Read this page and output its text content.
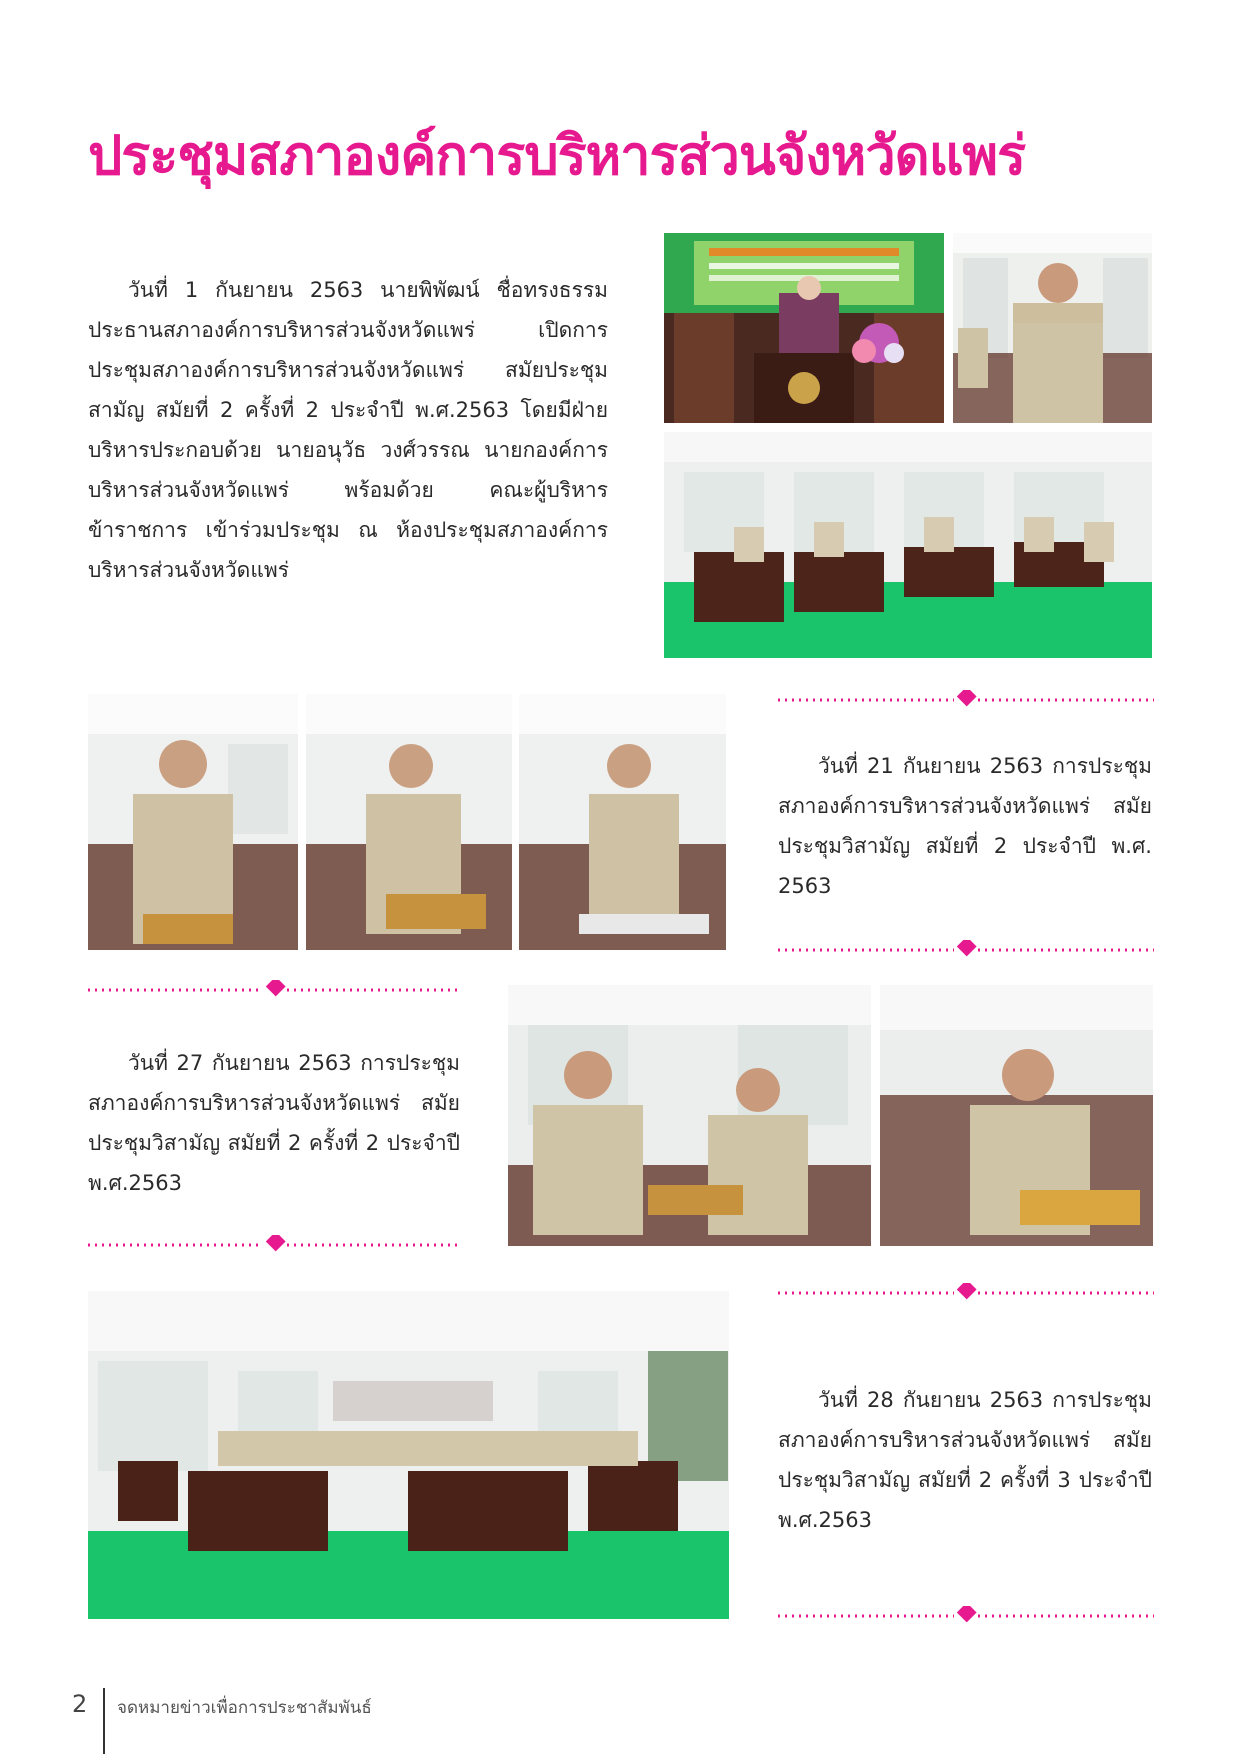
ประชุมสภาองค์การบริหารส่วนจังหวัดแพร่
วันที่ 1 กันยายน 2563 นายพิพัฒน์ ชื่อทรงธรรม ประธานสภาองค์การบริหารส่วนจังหวัดแพร่ เปิดการประชุมสภาองค์การบริหารส่วนจังหวัดแพร่ สมัยประชุมสามัญ สมัยที่ 2 ครั้งที่ 2 ประจำปี พ.ศ.2563 โดยมีฝ่ายบริหารประกอบด้วย นายอนุวัธ วงศ์วรรณ นายกองค์การบริหารส่วนจังหวัดแพร่ พร้อมด้วย คณะผู้บริหาร ข้าราชการ เข้าร่วมประชุม ณ ห้องประชุมสภาองค์การบริหารส่วนจังหวัดแพร่
วันที่ 21 กันยายน 2563 การประชุมสภาองค์การบริหารส่วนจังหวัดแพร่ สมัยประชุมวิสามัญ สมัยที่ 2 ประจำปี พ.ศ. 2563
วันที่ 27 กันยายน 2563 การประชุมสภาองค์การบริหารส่วนจังหวัดแพร่ สมัยประชุมวิสามัญ สมัยที่ 2 ครั้งที่ 2 ประจำปี พ.ศ.2563
วันที่ 28 กันยายน 2563 การประชุมสภาองค์การบริหารส่วนจังหวัดแพร่ สมัยประชุมวิสามัญ สมัยที่ 2 ครั้งที่ 3 ประจำปี พ.ศ.2563
2 จดหมายข่าวเพื่อการประชาสัมพันธ์
